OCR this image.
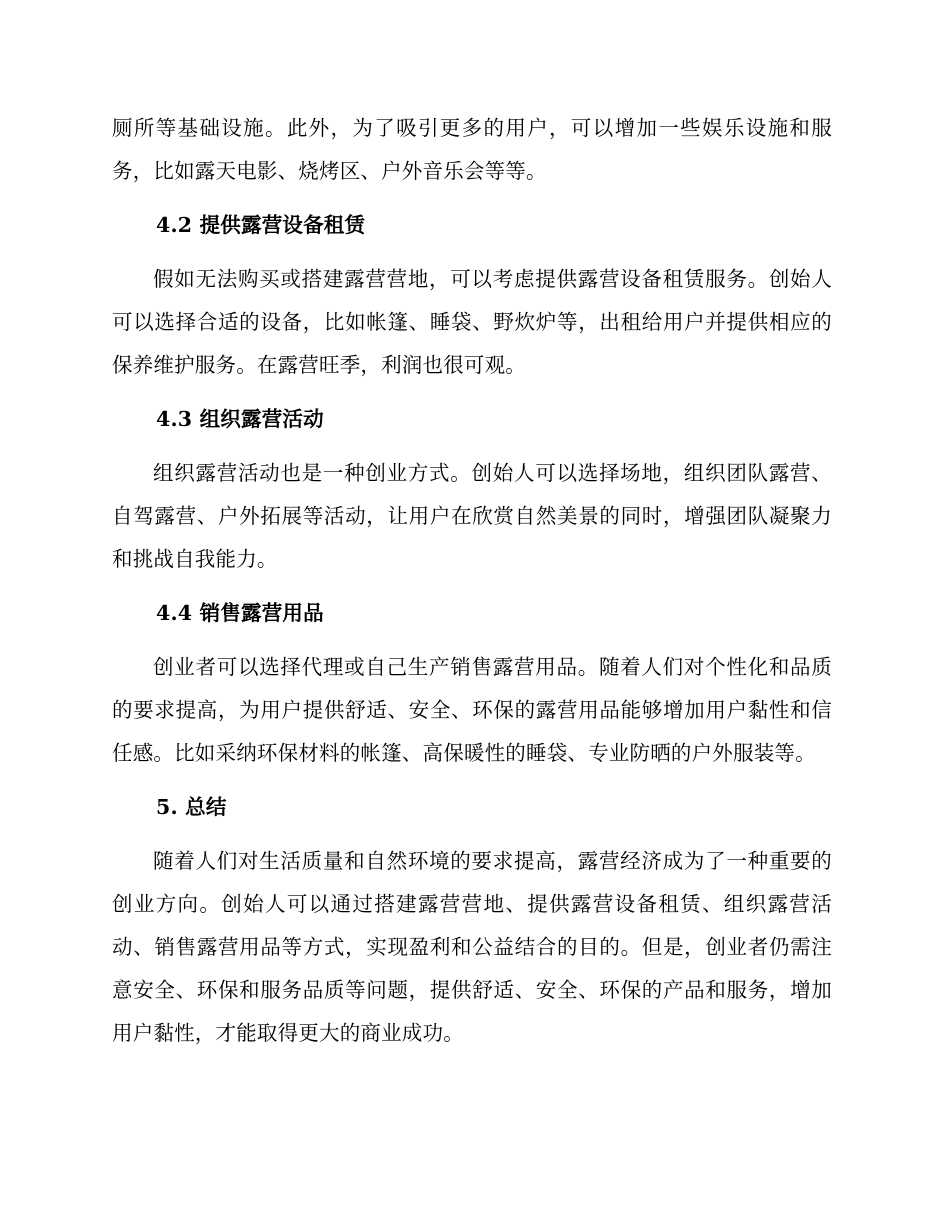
厕所等基础设施。此外，为了吸引更多的用户，可以增加一些娱乐设施和服务，比如露天电影、烧烤区、户外音乐会等等。

4.2 提供露营设备租赁

假如无法购买或搭建露营营地，可以考虑提供露营设备租赁服务。创始人可以选择合适的设备，比如帐篷、睡袋、野炊炉等，出租给用户并提供相应的保养维护服务。在露营旺季，利润也很可观。

4.3 组织露营活动

组织露营活动也是一种创业方式。创始人可以选择场地，组织团队露营、自驾露营、户外拓展等活动，让用户在欣赏自然美景的同时，增强团队凝聚力和挑战自我能力。

4.4 销售露营用品

创业者可以选择代理或自己生产销售露营用品。随着人们对个性化和品质的要求提高，为用户提供舒适、安全、环保的露营用品能够增加用户黏性和信任感。比如采纳环保材料的帐篷、高保暖性的睡袋、专业防晒的户外服装等。

5. 总结

随着人们对生活质量和自然环境的要求提高，露营经济成为了一种重要的创业方向。创始人可以通过搭建露营营地、提供露营设备租赁、组织露营活动、销售露营用品等方式，实现盈利和公益结合的目的。但是，创业者仍需注意安全、环保和服务品质等问题，提供舒适、安全、环保的产品和服务，增加用户黏性，才能取得更大的商业成功。
